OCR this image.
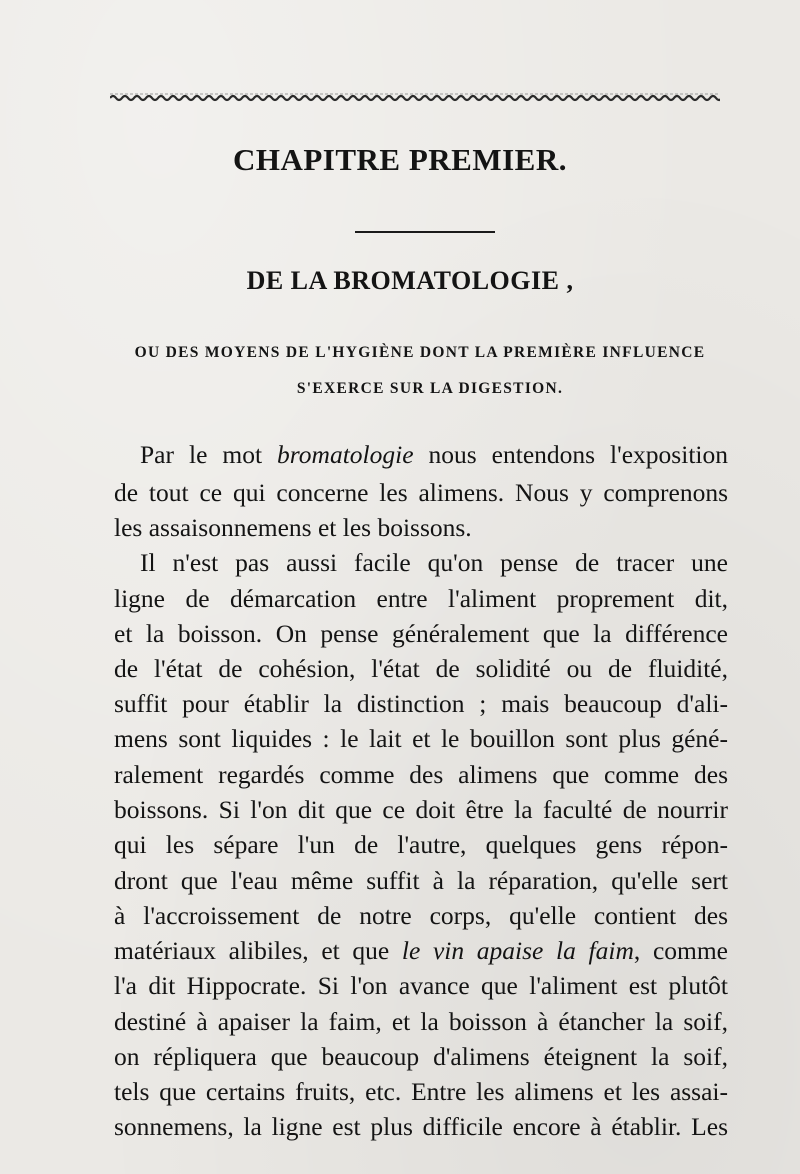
CHAPITRE PREMIER.
DE LA BROMATOLOGIE ,
OU DES MOYENS DE L'HYGIÈNE DONT LA PREMIÈRE INFLUENCE
S'EXERCE SUR LA DIGESTION.
Par le mot bromatologie nous entendons l'exposition
de tout ce qui concerne les alimens. Nous y comprenons
les assaisonnemens et les boissons.
Il n'est pas aussi facile qu'on pense de tracer une
ligne de démarcation entre l'aliment proprement dit,
et la boisson. On pense généralement que la différence
de l'état de cohésion, l'état de solidité ou de fluidité,
suffit pour établir la distinction ; mais beaucoup d'ali-
mens sont liquides : le lait et le bouillon sont plus géné-
ralement regardés comme des alimens que comme des
boissons. Si l'on dit que ce doit être la faculté de nourrir
qui les sépare l'un de l'autre, quelques gens répon-
dront que l'eau même suffit à la réparation, qu'elle sert
à l'accroissement de notre corps, qu'elle contient des
matériaux alibiles, et que le vin apaise la faim, comme
l'a dit Hippocrate. Si l'on avance que l'aliment est plutôt
destiné à apaiser la faim, et la boisson à étancher la soif,
on répliquera que beaucoup d'alimens éteignent la soif,
tels que certains fruits, etc. Entre les alimens et les assai-
sonnemens, la ligne est plus difficile encore à établir. Les
